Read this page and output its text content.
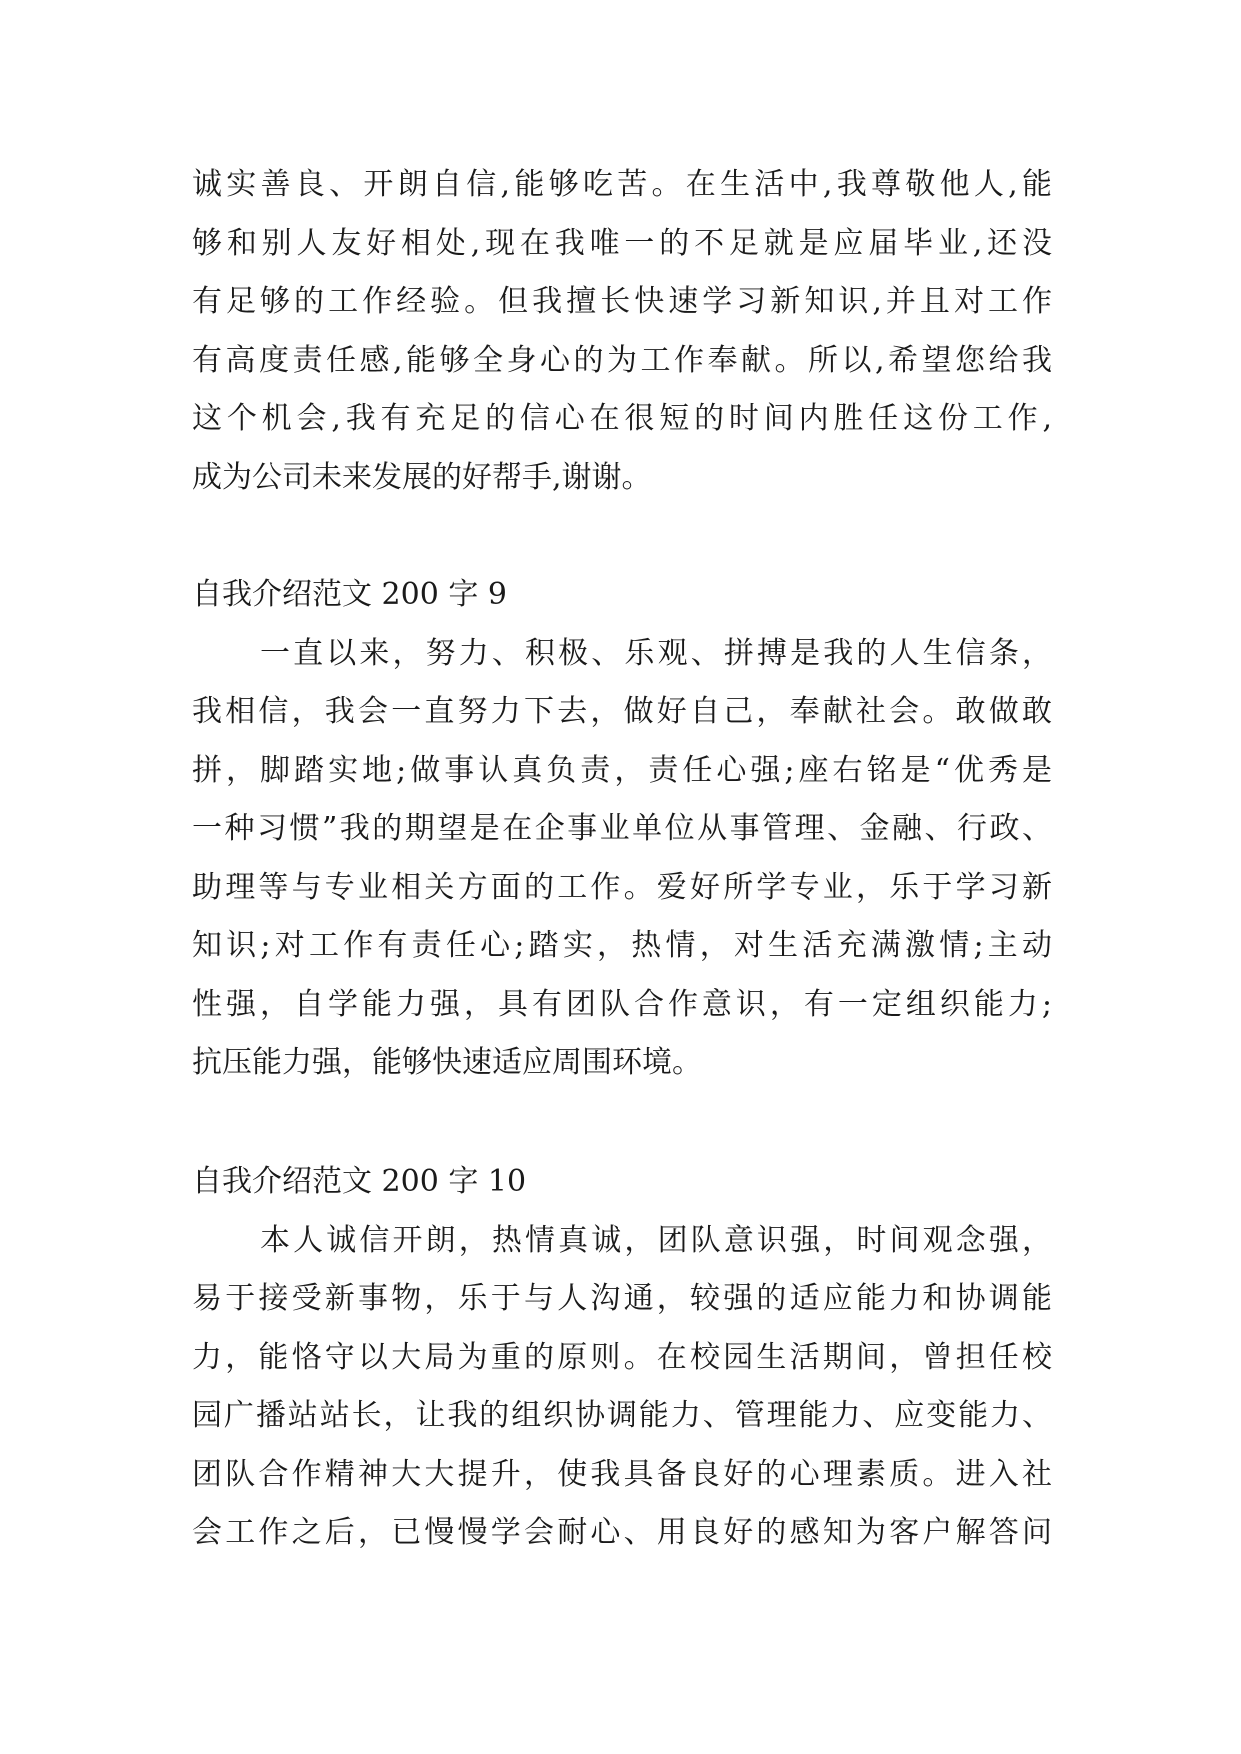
诚实善良、开朗自信,能够吃苦。在生活中,我尊敬他人,能
够和别人友好相处,现在我唯一的不足就是应届毕业,还没
有足够的工作经验。但我擅长快速学习新知识,并且对工作
有高度责任感,能够全身心的为工作奉献。所以,希望您给我
这个机会,我有充足的信心在很短的时间内胜任这份工作,
成为公司未来发展的好帮手,谢谢。
自我介绍范文 200 字 9
一直以来，努力、积极、乐观、拼搏是我的人生信条，
我相信，我会一直努力下去，做好自己，奉献社会。敢做敢
拼，脚踏实地;做事认真负责，责任心强;座右铭是“优秀是
一种习惯”我的期望是在企事业单位从事管理、金融、行政、
助理等与专业相关方面的工作。爱好所学专业，乐于学习新
知识;对工作有责任心;踏实，热情，对生活充满激情;主动
性强，自学能力强，具有团队合作意识，有一定组织能力;
抗压能力强，能够快速适应周围环境。
自我介绍范文 200 字 10
本人诚信开朗，热情真诚，团队意识强，时间观念强，
易于接受新事物，乐于与人沟通，较强的适应能力和协调能
力，能恪守以大局为重的原则。在校园生活期间，曾担任校
园广播站站长，让我的组织协调能力、管理能力、应变能力、
团队合作精神大大提升，使我具备良好的心理素质。进入社
会工作之后，已慢慢学会耐心、用良好的感知为客户解答问
